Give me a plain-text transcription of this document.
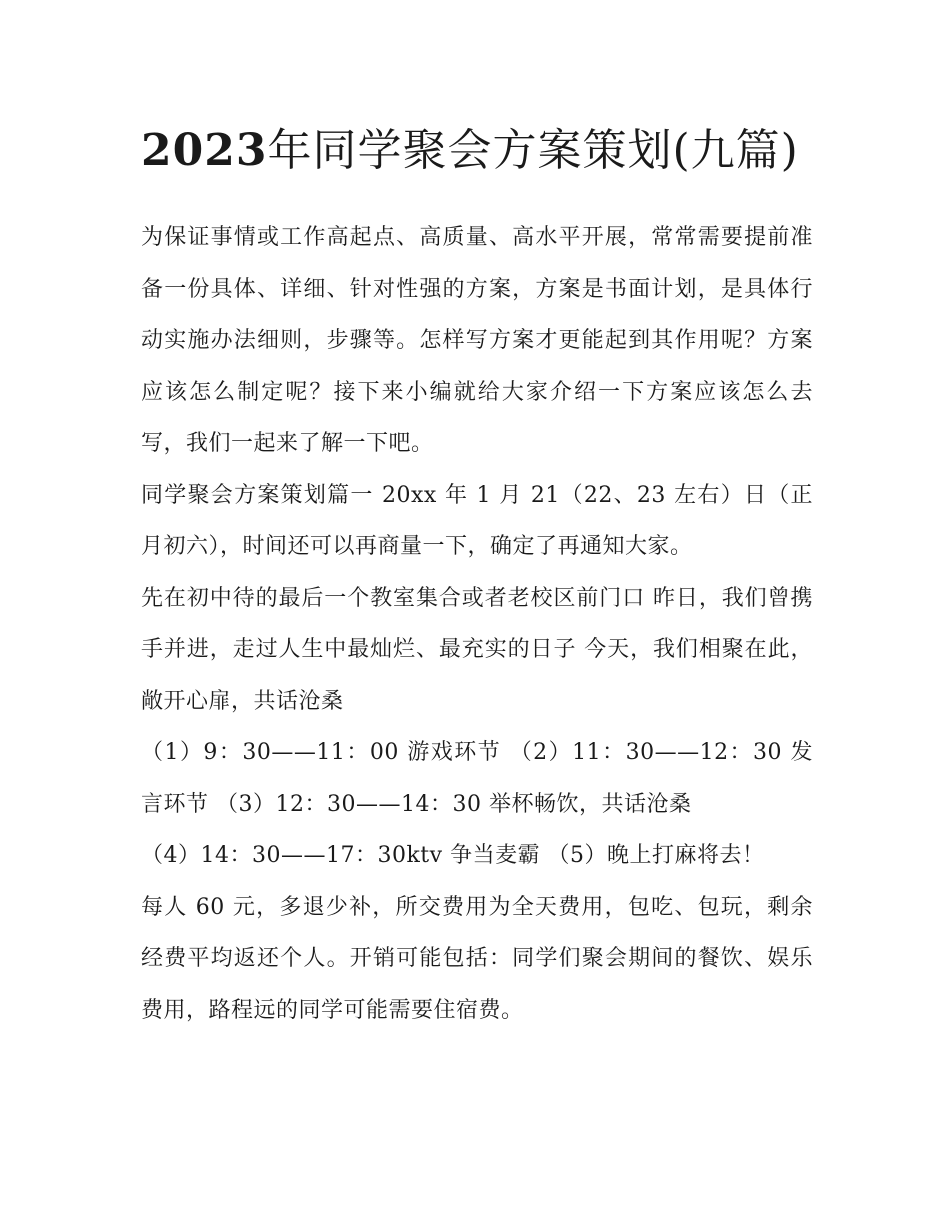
2023年同学聚会方案策划(九篇)

为保证事情或工作高起点、高质量、高水平开展，常常需要提前准备一份具体、详细、针对性强的方案，方案是书面计划，是具体行动实施办法细则，步骤等。怎样写方案才更能起到其作用呢？方案应该怎么制定呢？接下来小编就给大家介绍一下方案应该怎么去写，我们一起来了解一下吧。

同学聚会方案策划篇一 20xx 年 1 月 21（22、23 左右）日（正月初六），时间还可以再商量一下，确定了再通知大家。

先在初中待的最后一个教室集合或者老校区前门口 昨日，我们曾携手并进，走过人生中最灿烂、最充实的日子 今天，我们相聚在此，敞开心扉，共话沧桑

（1）9：30——11：00 游戏环节 （2）11：30——12：30 发言环节 （3）12：30——14：30 举杯畅饮，共话沧桑

（4）14：30——17：30ktv 争当麦霸 （5）晚上打麻将去！

每人 60 元，多退少补，所交费用为全天费用，包吃、包玩，剩余经费平均返还个人。开销可能包括：同学们聚会期间的餐饮、娱乐费用，路程远的同学可能需要住宿费。
